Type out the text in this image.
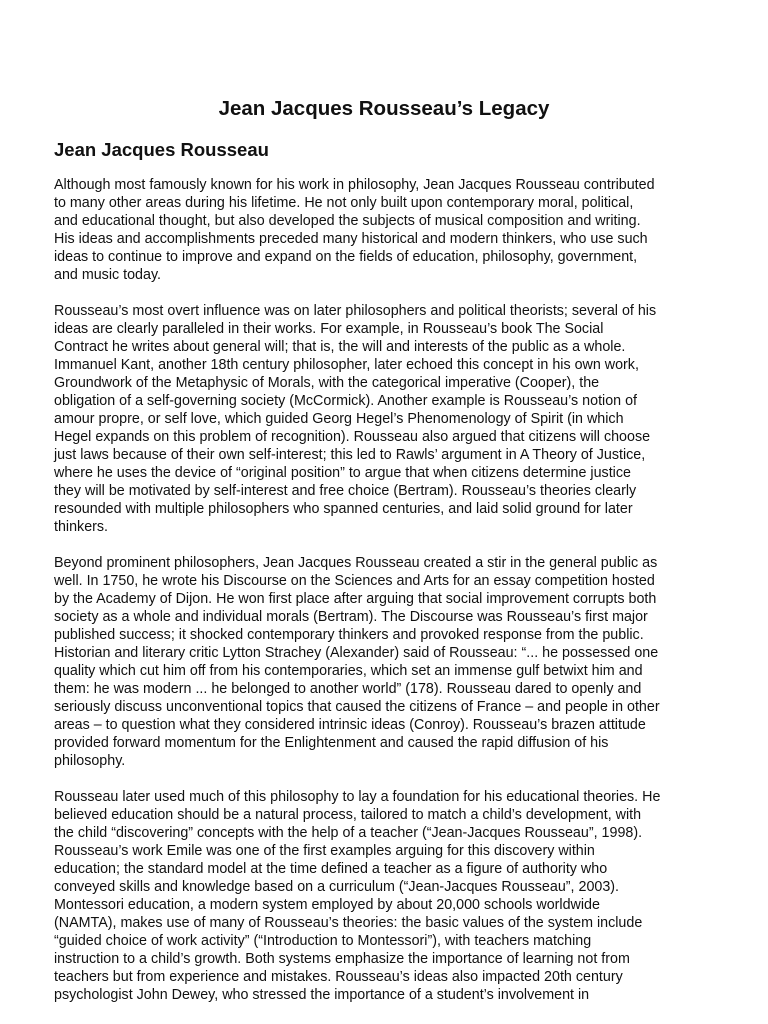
Jean Jacques Rousseau’s Legacy
Jean Jacques Rousseau

Although most famously known for his work in philosophy, Jean Jacques Rousseau contributed
to many other areas during his lifetime. He not only built upon contemporary moral, political,
and educational thought, but also developed the subjects of musical composition and writing.
His ideas and accomplishments preceded many historical and modern thinkers, who use such
ideas to continue to improve and expand on the fields of education, philosophy, government,
and music today.

Rousseau’s most overt influence was on later philosophers and political theorists; several of his
ideas are clearly paralleled in their works. For example, in Rousseau’s book The Social
Contract he writes about general will; that is, the will and interests of the public as a whole.
Immanuel Kant, another 18th century philosopher, later echoed this concept in his own work,
Groundwork of the Metaphysic of Morals, with the categorical imperative (Cooper), the
obligation of a self-governing society (McCormick). Another example is Rousseau’s notion of
amour propre, or self love, which guided Georg Hegel’s Phenomenology of Spirit (in which
Hegel expands on this problem of recognition). Rousseau also argued that citizens will choose
just laws because of their own self-interest; this led to Rawls’ argument in A Theory of Justice,
where he uses the device of “original position” to argue that when citizens determine justice
they will be motivated by self-interest and free choice (Bertram). Rousseau’s theories clearly
resounded with multiple philosophers who spanned centuries, and laid solid ground for later
thinkers.

Beyond prominent philosophers, Jean Jacques Rousseau created a stir in the general public as
well. In 1750, he wrote his Discourse on the Sciences and Arts for an essay competition hosted
by the Academy of Dijon. He won first place after arguing that social improvement corrupts both
society as a whole and individual morals (Bertram). The Discourse was Rousseau’s first major
published success; it shocked contemporary thinkers and provoked response from the public.
Historian and literary critic Lytton Strachey (Alexander) said of Rousseau: “... he possessed one
quality which cut him off from his contemporaries, which set an immense gulf betwixt him and
them: he was modern ... he belonged to another world” (178). Rousseau dared to openly and
seriously discuss unconventional topics that caused the citizens of France – and people in other
areas – to question what they considered intrinsic ideas (Conroy). Rousseau’s brazen attitude
provided forward momentum for the Enlightenment and caused the rapid diffusion of his
philosophy.

Rousseau later used much of this philosophy to lay a foundation for his educational theories. He
believed education should be a natural process, tailored to match a child’s development, with
the child “discovering” concepts with the help of a teacher (“Jean-Jacques Rousseau”, 1998).
Rousseau’s work Emile was one of the first examples arguing for this discovery within
education; the standard model at the time defined a teacher as a figure of authority who
conveyed skills and knowledge based on a curriculum (“Jean-Jacques Rousseau”, 2003).
Montessori education, a modern system employed by about 20,000 schools worldwide
(NAMTA), makes use of many of Rousseau’s theories: the basic values of the system include
“guided choice of work activity” (“Introduction to Montessori”), with teachers matching
instruction to a child’s growth. Both systems emphasize the importance of learning not from
teachers but from experience and mistakes. Rousseau’s ideas also impacted 20th century
psychologist John Dewey, who stressed the importance of a student’s involvement in
